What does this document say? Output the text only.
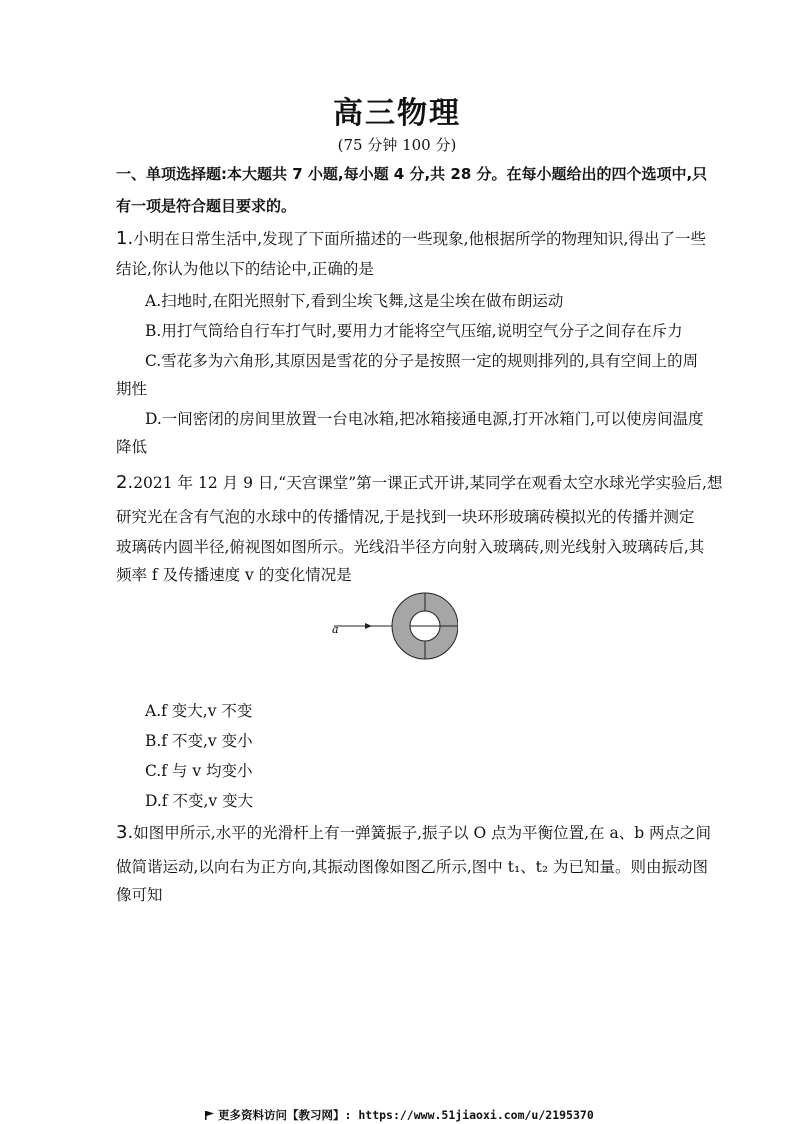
高三物理
(75 分钟 100 分)
一、单项选择题:本大题共 7 小题,每小题 4 分,共 28 分。在每小题给出的四个选项中,只
有一项是符合题目要求的。
1.小明在日常生活中,发现了下面所描述的一些现象,他根据所学的物理知识,得出了一些
结论,你认为他以下的结论中,正确的是
A.扫地时,在阳光照射下,看到尘埃飞舞,这是尘埃在做布朗运动
B.用打气筒给自行车打气时,要用力才能将空气压缩,说明空气分子之间存在斥力
C.雪花多为六角形,其原因是雪花的分子是按照一定的规则排列的,具有空间上的周
期性
D.一间密闭的房间里放置一台电冰箱,把冰箱接通电源,打开冰箱门,可以使房间温度
降低
2.2021 年 12 月 9 日,“天宫课堂”第一课正式开讲,某同学在观看太空水球光学实验后,想
研究光在含有气泡的水球中的传播情况,于是找到一块环形玻璃砖模拟光的传播并测定
玻璃砖内圆半径,俯视图如图所示。光线沿半径方向射入玻璃砖,则光线射入玻璃砖后,其
频率 f 及传播速度 v 的变化情况是
a
A.f 变大,v 不变
B.f 不变,v 变小
C.f 与 v 均变小
D.f 不变,v 变大
3.如图甲所示,水平的光滑杆上有一弹簧振子,振子以 O 点为平衡位置,在 a、b 两点之间
做简谐运动,以向右为正方向,其振动图像如图乙所示,图中 t₁、t₂ 为已知量。则由振动图
像可知
更多资料访问【教习网】: https://www.51jiaoxi.com/u/2195370
